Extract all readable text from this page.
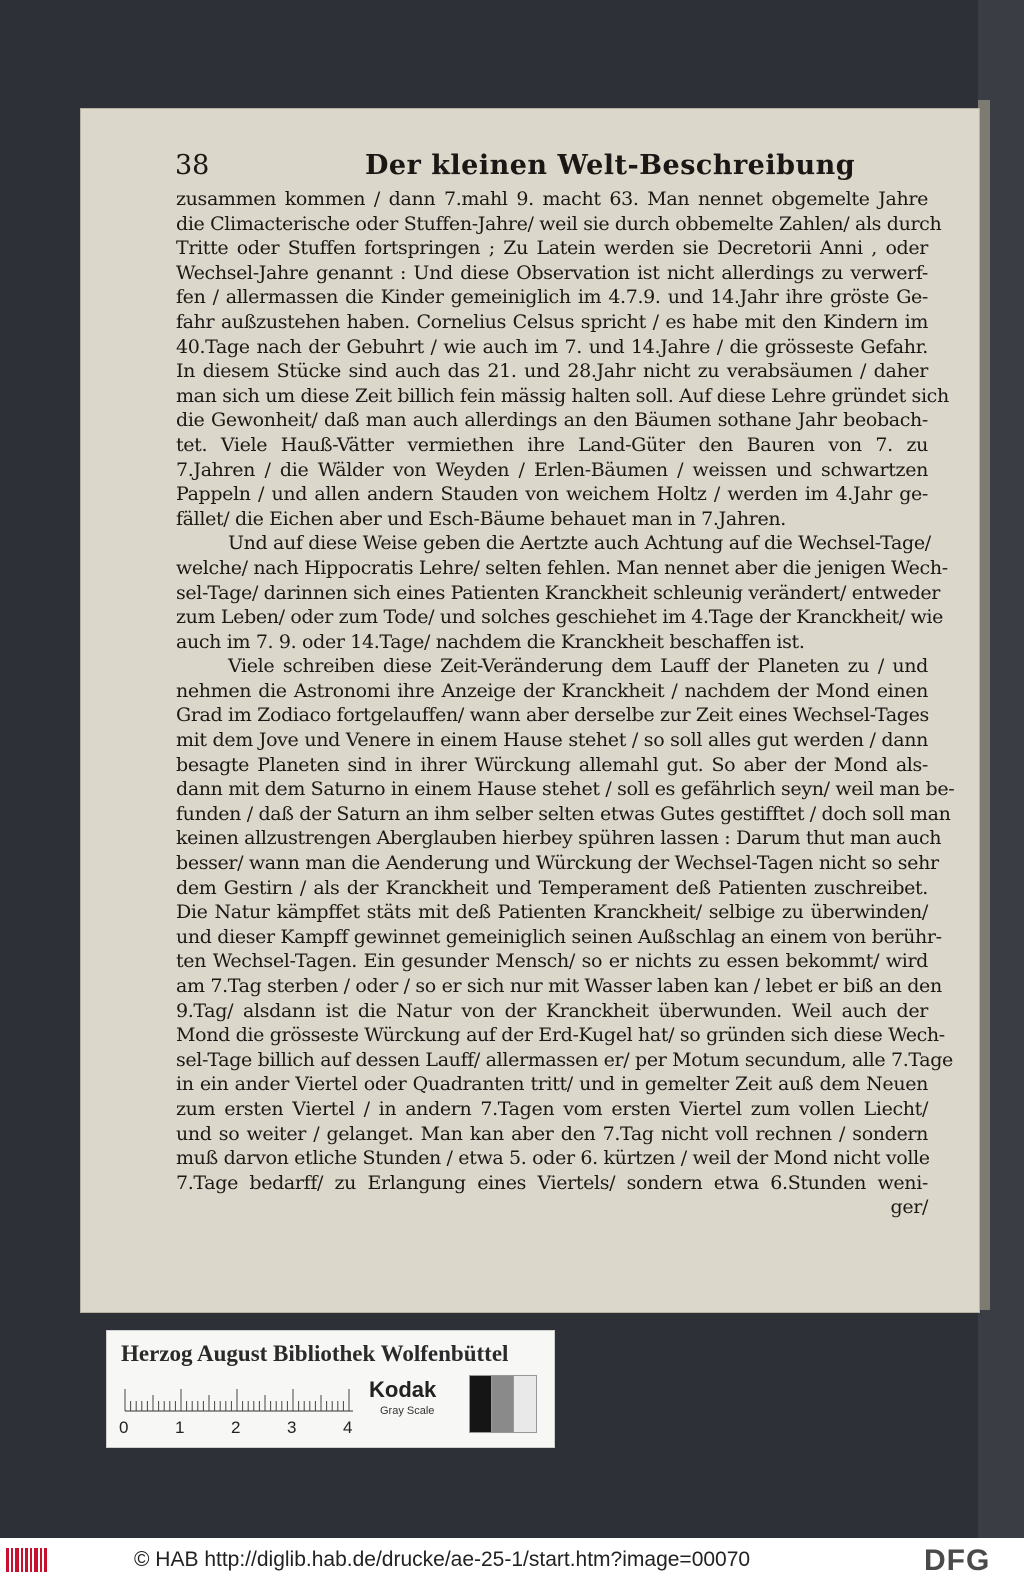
38	Der kleinen Welt-Beschreibung
zusammen kommen / dann 7.mahl 9. macht 63. Man nennet obgemelte Jahre
die Climacterische oder Stuffen-Jahre/ weil sie durch obbemelte Zahlen/ als durch
Tritte oder Stuffen fortspringen ; Zu Latein werden sie Decretorii Anni , oder
Wechsel-Jahre genannt : Und diese Observation ist nicht allerdings zu verwerf-
fen / allermassen die Kinder gemeiniglich im 4.7.9. und 14.Jahr ihre gröste Ge-
fahr außzustehen haben. Cornelius Celsus spricht / es habe mit den Kindern im
40.Tage nach der Gebuhrt / wie auch im 7. und 14.Jahre / die grösseste Gefahr.
In diesem Stücke sind auch das 21. und 28.Jahr nicht zu verabsäumen / daher
man sich um diese Zeit billich fein mässig halten soll. Auf diese Lehre gründet sich
die Gewonheit/ daß man auch allerdings an den Bäumen sothane Jahr beobach-
tet. Viele Hauß-Vätter vermiethen ihre Land-Güter den Bauren von 7. zu
7.Jahren / die Wälder von Weyden / Erlen-Bäumen / weissen und schwartzen
Pappeln / und allen andern Stauden von weichem Holtz / werden im 4.Jahr ge-
fället/ die Eichen aber und Esch-Bäume behauet man in 7.Jahren.
Und auf diese Weise geben die Aertzte auch Achtung auf die Wechsel-Tage/
welche/ nach Hippocratis Lehre/ selten fehlen. Man nennet aber die jenigen Wech-
sel-Tage/ darinnen sich eines Patienten Kranckheit schleunig verändert/ entweder
zum Leben/ oder zum Tode/ und solches geschiehet im 4.Tage der Kranckheit/ wie
auch im 7. 9. oder 14.Tage/ nachdem die Kranckheit beschaffen ist.
Viele schreiben diese Zeit-Veränderung dem Lauff der Planeten zu / und
nehmen die Astronomi ihre Anzeige der Kranckheit / nachdem der Mond einen
Grad im Zodiaco fortgelauffen/ wann aber derselbe zur Zeit eines Wechsel-Tages
mit dem Jove und Venere in einem Hause stehet / so soll alles gut werden / dann
besagte Planeten sind in ihrer Würckung allemahl gut. So aber der Mond als-
dann mit dem Saturno in einem Hause stehet / soll es gefährlich seyn/ weil man be-
funden / daß der Saturn an ihm selber selten etwas Gutes gestifftet / doch soll man
keinen allzustrengen Aberglauben hierbey spühren lassen : Darum thut man auch
besser/ wann man die Aenderung und Würckung der Wechsel-Tagen nicht so sehr
dem Gestirn / als der Kranckheit und Temperament deß Patienten zuschreibet.
Die Natur kämpffet stäts mit deß Patienten Kranckheit/ selbige zu überwinden/
und dieser Kampff gewinnet gemeiniglich seinen Außschlag an einem von berühr-
ten Wechsel-Tagen. Ein gesunder Mensch/ so er nichts zu essen bekommt/ wird
am 7.Tag sterben / oder / so er sich nur mit Wasser laben kan / lebet er biß an den
9.Tag/ alsdann ist die Natur von der Kranckheit überwunden. Weil auch der
Mond die grösseste Würckung auf der Erd-Kugel hat/ so gründen sich diese Wech-
sel-Tage billich auf dessen Lauff/ allermassen er/ per Motum secundum, alle 7.Tage
in ein ander Viertel oder Quadranten tritt/ und in gemelter Zeit auß dem Neuen
zum ersten Viertel / in andern 7.Tagen vom ersten Viertel zum vollen Liecht/
und so weiter / gelanget. Man kan aber den 7.Tag nicht voll rechnen / sondern
muß darvon etliche Stunden / etwa 5. oder 6. kürtzen / weil der Mond nicht volle
7.Tage bedarff/ zu Erlangung eines Viertels/ sondern etwa 6.Stunden weni-
ger/
Herzog August Bibliothek Wolfenbüttel
0	1	2	3	4
Kodak
Gray Scale
© HAB http://diglib.hab.de/drucke/ae-25-1/start.htm?image=00070	DFG
